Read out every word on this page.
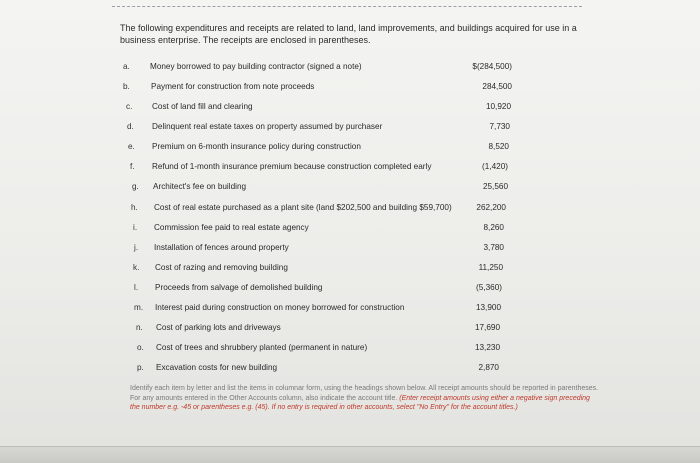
The following expenditures and receipts are related to land, land improvements, and buildings acquired for use in a business enterprise. The receipts are enclosed in parentheses.
a.	Money borrowed to pay building contractor (signed a note)	$(284,500)
b.	Payment for construction from note proceeds	284,500
c.	Cost of land fill and clearing	10,920
d.	Delinquent real estate taxes on property assumed by purchaser	7,730
e.	Premium on 6-month insurance policy during construction	8,520
f.	Refund of 1-month insurance premium because construction completed early	(1,420)
g.	Architect's fee on building	25,560
h.	Cost of real estate purchased as a plant site (land $202,500 and building $59,700)	262,200
i.	Commission fee paid to real estate agency	8,260
j.	Installation of fences around property	3,780
k.	Cost of razing and removing building	11,250
l.	Proceeds from salvage of demolished building	(5,360)
m.	Interest paid during construction on money borrowed for construction	13,900
n.	Cost of parking lots and driveways	17,690
o.	Cost of trees and shrubbery planted (permanent in nature)	13,230
p.	Excavation costs for new building	2,870
Identify each item by letter and list the items in columnar form, using the headings shown below. All receipt amounts should be reported in parentheses. For any amounts entered in the Other Accounts column, also indicate the account title. (Enter receipt amounts using either a negative sign preceding the number e.g. -45 or parentheses e.g. (45). If no entry is required in other accounts, select "No Entry" for the account titles.)
